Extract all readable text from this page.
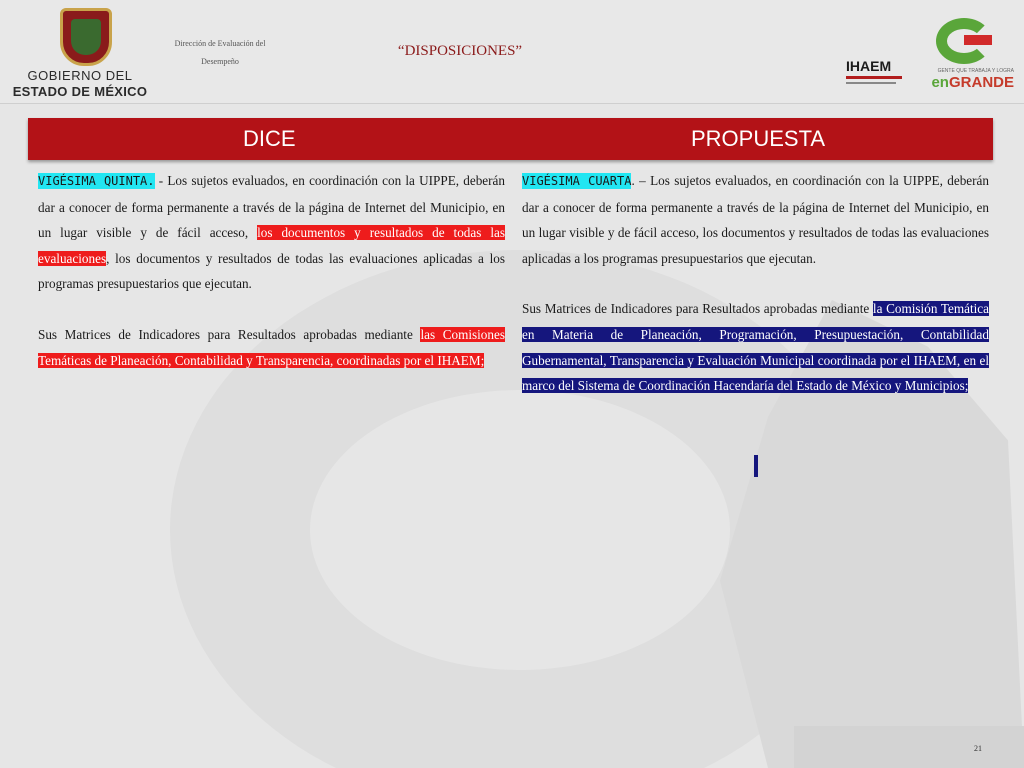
GOBIERNO DEL
ESTADO DE MÉXICO
Dirección de Evaluación del
Desempeño
“DISPOSICIONES”
IHAEM	GENTE QUE TRABAJA Y LOGRA
enGRANDE
DICE	PROPUESTA

VIGÉSIMA QUINTA. - Los sujetos evaluados, en coordinación con la UIPPE, deberán dar a conocer de forma permanente a través de la página de Internet del Municipio, en un lugar visible y de fácil acceso, los documentos y resultados de todas las evaluaciones, los documentos y resultados de todas las evaluaciones aplicadas a los programas presupuestarios que ejecutan.

Sus Matrices de Indicadores para Resultados aprobadas mediante las Comisiones Temáticas de Planeación, Contabilidad y Transparencia, coordinadas por el IHAEM;

VIGÉSIMA CUARTA. – Los sujetos evaluados, en coordinación con la UIPPE, deberán dar a conocer de forma permanente a través de la página de Internet del Municipio, en un lugar visible y de fácil acceso, los documentos y resultados de todas las evaluaciones aplicadas a los programas presupuestarios que ejecutan.

Sus Matrices de Indicadores para Resultados aprobadas mediante la Comisión Temática en Materia de Planeación, Programación, Presupuestación, Contabilidad Gubernamental, Transparencia y Evaluación Municipal coordinada por el IHAEM, en el marco del Sistema de Coordinación Hacendaría del Estado de México y Municipios;

21
